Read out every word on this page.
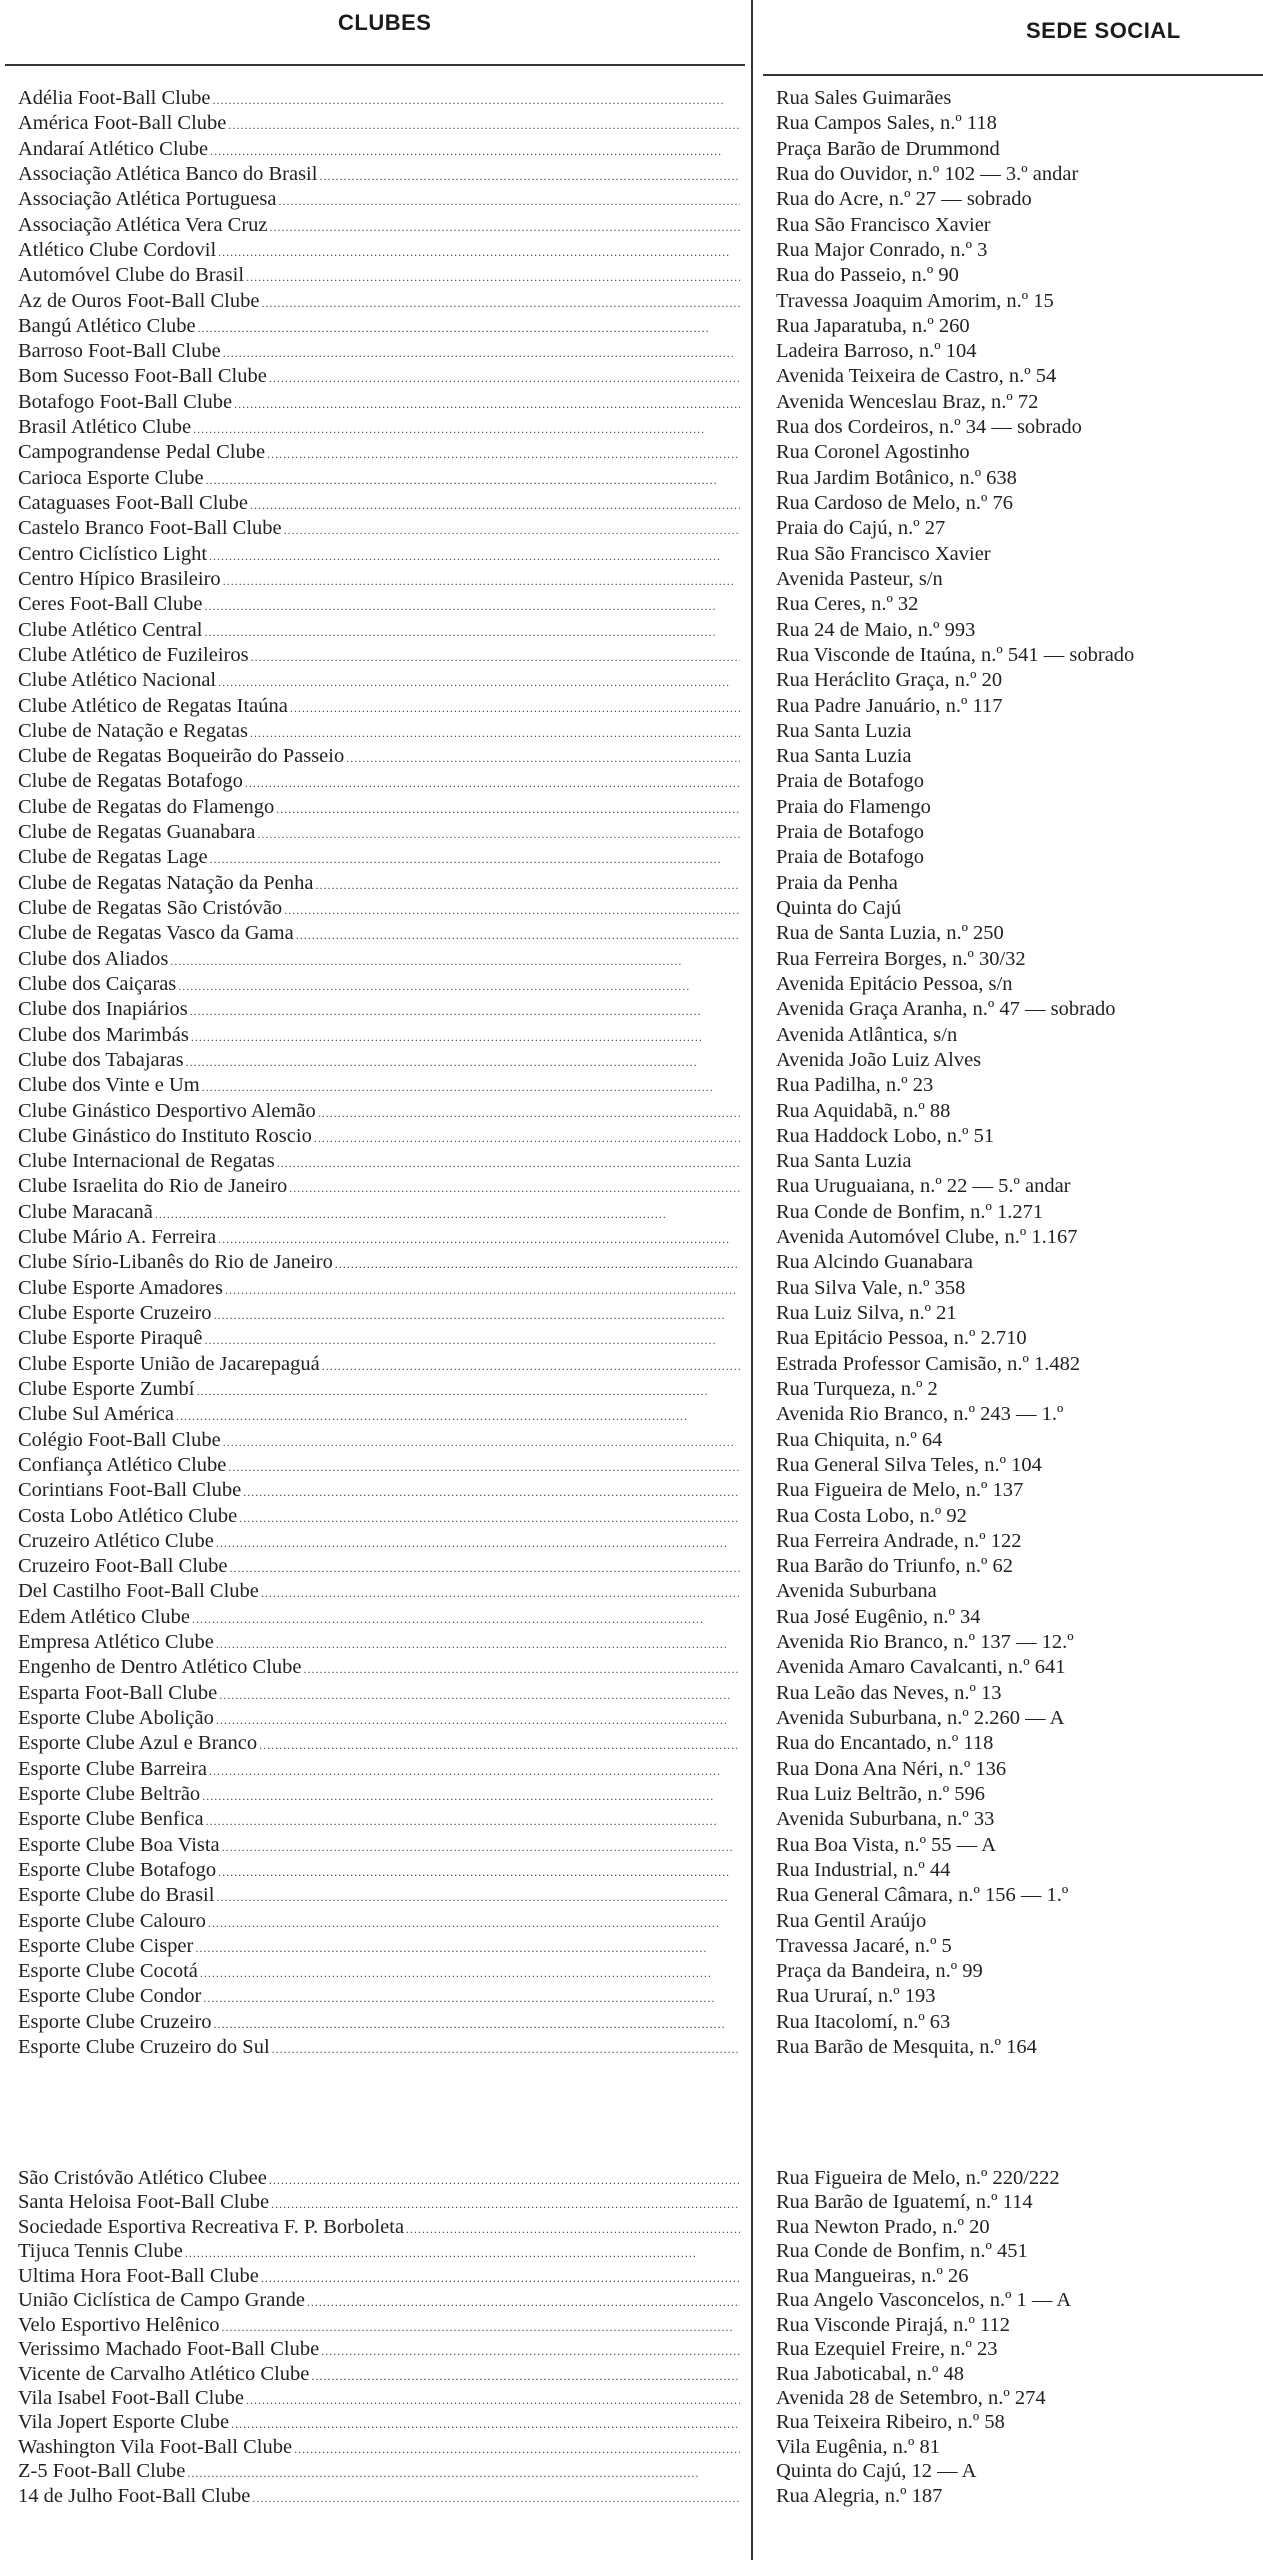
CLUBES	SEDE SOCIAL
Adélia Foot-Ball Clube . . .	Rua Sales Guimarães
América Foot-Ball Clube . . .	Rua Campos Sales, n.º 118
Andaraí Atlético Clube . . .	Praça Barão de Drummond
Associação Atlética Banco do Brasil . . .	Rua do Ouvidor, n.º 102 — 3.º andar
Associação Atlética Portuguesa . . .	Rua do Acre, n.º 27 — sobrado
Associação Atlética Vera Cruz . . .	Rua São Francisco Xavier
Atlético Clube Cordovil . . .	Rua Major Conrado, n.º 3
Automóvel Clube do Brasil . . .	Rua do Passeio, n.º 90
Az de Ouros Foot-Ball Clube . . .	Travessa Joaquim Amorim, n.º 15
Bangú Atlético Clube . . .	Rua Japaratuba, n.º 260
Barroso Foot-Ball Clube . . .	Ladeira Barroso, n.º 104
Bom Sucesso Foot-Ball Clube . . .	Avenida Teixeira de Castro, n.º 54
Botafogo Foot-Ball Clube . . .	Avenida Wenceslau Braz, n.º 72
Brasil Atlético Clube . . .	Rua dos Cordeiros, n.º 34 — sobrado
Campograndense Pedal Clube . . .	Rua Coronel Agostinho
Carioca Esporte Clube . . .	Rua Jardim Botânico, n.º 638
Cataguases Foot-Ball Clube . . .	Rua Cardoso de Melo, n.º 76
Castelo Branco Foot-Ball Clube . . .	Praia do Cajú, n.º 27
Centro Ciclístico Light . . .	Rua São Francisco Xavier
Centro Hípico Brasileiro . . .	Avenida Pasteur, s/n
Ceres Foot-Ball Clube . . .	Rua Ceres, n.º 32
Clube Atlético Central . . .	Rua 24 de Maio, n.º 993
Clube Atlético de Fuzileiros . . .	Rua Visconde de Itaúna, n.º 541 — sobrado
Clube Atlético Nacional . . .	Rua Heráclito Graça, n.º 20
Clube Atlético de Regatas Itaúna . . .	Rua Padre Januário, n.º 117
Clube de Natação e Regatas . . .	Rua Santa Luzia
Clube de Regatas Boqueirão do Passeio . . .	Rua Santa Luzia
Clube de Regatas Botafogo . . .	Praia de Botafogo
Clube de Regatas do Flamengo . . .	Praia do Flamengo
Clube de Regatas Guanabara . . .	Praia de Botafogo
Clube de Regatas Lage . . .	Praia de Botafogo
Clube de Regatas Natação da Penha . . .	Praia da Penha
Clube de Regatas São Cristóvão . . .	Quinta do Cajú
Clube de Regatas Vasco da Gama . . .	Rua de Santa Luzia, n.º 250
Clube dos Aliados . . .	Rua Ferreira Borges, n.º 30/32
Clube dos Caiçaras . . .	Avenida Epitácio Pessoa, s/n
Clube dos Inapiários . . .	Avenida Graça Aranha, n.º 47 — sobrado
Clube dos Marimbás . . .	Avenida Atlântica, s/n
Clube dos Tabajaras . . .	Avenida João Luiz Alves
Clube dos Vinte e Um . . .	Rua Padilha, n.º 23
Clube Ginástico Desportivo Alemão . . .	Rua Aquidabã, n.º 88
Clube Ginástico do Instituto Roscio . . .	Rua Haddock Lobo, n.º 51
Clube Internacional de Regatas . . .	Rua Santa Luzia
Clube Israelita do Rio de Janeiro . . .	Rua Uruguaiana, n.º 22 — 5.º andar
Clube Maracanã . . .	Rua Conde de Bonfim, n.º 1.271
Clube Mário A. Ferreira . . .	Avenida Automóvel Clube, n.º 1.167
Clube Sírio-Libanês do Rio de Janeiro . . .	Rua Alcindo Guanabara
Clube Esporte Amadores . . .	Rua Silva Vale, n.º 358
Clube Esporte Cruzeiro . . .	Rua Luiz Silva, n.º 21
Clube Esporte Piraquê . . .	Rua Epitácio Pessoa, n.º 2.710
Clube Esporte União de Jacarepaguá . . .	Estrada Professor Camisão, n.º 1.482
Clube Esporte Zumbí . . .	Rua Turqueza, n.º 2
Clube Sul América . . .	Avenida Rio Branco, n.º 243 — 1.º
Colégio Foot-Ball Clube . . .	Rua Chiquita, n.º 64
Confiança Atlético Clube . . .	Rua General Silva Teles, n.º 104
Corintians Foot-Ball Clube . . .	Rua Figueira de Melo, n.º 137
Costa Lobo Atlético Clube . . .	Rua Costa Lobo, n.º 92
Cruzeiro Atlético Clube . . .	Rua Ferreira Andrade, n.º 122
Cruzeiro Foot-Ball Clube . . .	Rua Barão do Triunfo, n.º 62
Del Castilho Foot-Ball Clube . . .	Avenida Suburbana
Edem Atlético Clube . . .	Rua José Eugênio, n.º 34
Empresa Atlético Clube . . .	Avenida Rio Branco, n.º 137 — 12.º
Engenho de Dentro Atlético Clube . . .	Avenida Amaro Cavalcanti, n.º 641
Esparta Foot-Ball Clube . . .	Rua Leão das Neves, n.º 13
Esporte Clube Abolição . . .	Avenida Suburbana, n.º 2.260 — A
Esporte Clube Azul e Branco . . .	Rua do Encantado, n.º 118
Esporte Clube Barreira . . .	Rua Dona Ana Néri, n.º 136
Esporte Clube Beltrão . . .	Rua Luiz Beltrão, n.º 596
Esporte Clube Benfica . . .	Avenida Suburbana, n.º 33
Esporte Clube Boa Vista . . .	Rua Boa Vista, n.º 55 — A
Esporte Clube Botafogo . . .	Rua Industrial, n.º 44
Esporte Clube do Brasil . . .	Rua General Câmara, n.º 156 — 1.º
Esporte Clube Calouro . . .	Rua Gentil Araújo
Esporte Clube Cisper . . .	Travessa Jacaré, n.º 5
Esporte Clube Cocotá . . .	Praça da Bandeira, n.º 99
Esporte Clube Condor . . .	Rua Ururaí, n.º 193
Esporte Clube Cruzeiro . . .	Rua Itacolomí, n.º 63
Esporte Clube Cruzeiro do Sul . . .	Rua Barão de Mesquita, n.º 164
São Cristóvão Atlético Clubee . . .	Rua Figueira de Melo, n.º 220/222
Santa Heloisa Foot-Ball Clube . . .	Rua Barão de Iguatemí, n.º 114
Sociedade Esportiva Recreativa F. P. Borboleta . . .	Rua Newton Prado, n.º 20
Tijuca Tennis Clube . . .	Rua Conde de Bonfim, n.º 451
Ultima Hora Foot-Ball Clube . . .	Rua Mangueiras, n.º 26
União Ciclística de Campo Grande . . .	Rua Angelo Vasconcelos, n.º 1 — A
Velo Esportivo Helênico . . .	Rua Visconde Pirajá, n.º 112
Verissimo Machado Foot-Ball Clube . . .	Rua Ezequiel Freire, n.º 23
Vicente de Carvalho Atlético Clube . . .	Rua Jaboticabal, n.º 48
Vila Isabel Foot-Ball Clube . . .	Avenida 28 de Setembro, n.º 274
Vila Jopert Esporte Clube . . .	Rua Teixeira Ribeiro, n.º 58
Washington Vila Foot-Ball Clube . . .	Vila Eugênia, n.º 81
Z-5 Foot-Ball Clube . . .	Quinta do Cajú, 12 — A
14 de Julho Foot-Ball Clube . . .	Rua Alegria, n.º 187
